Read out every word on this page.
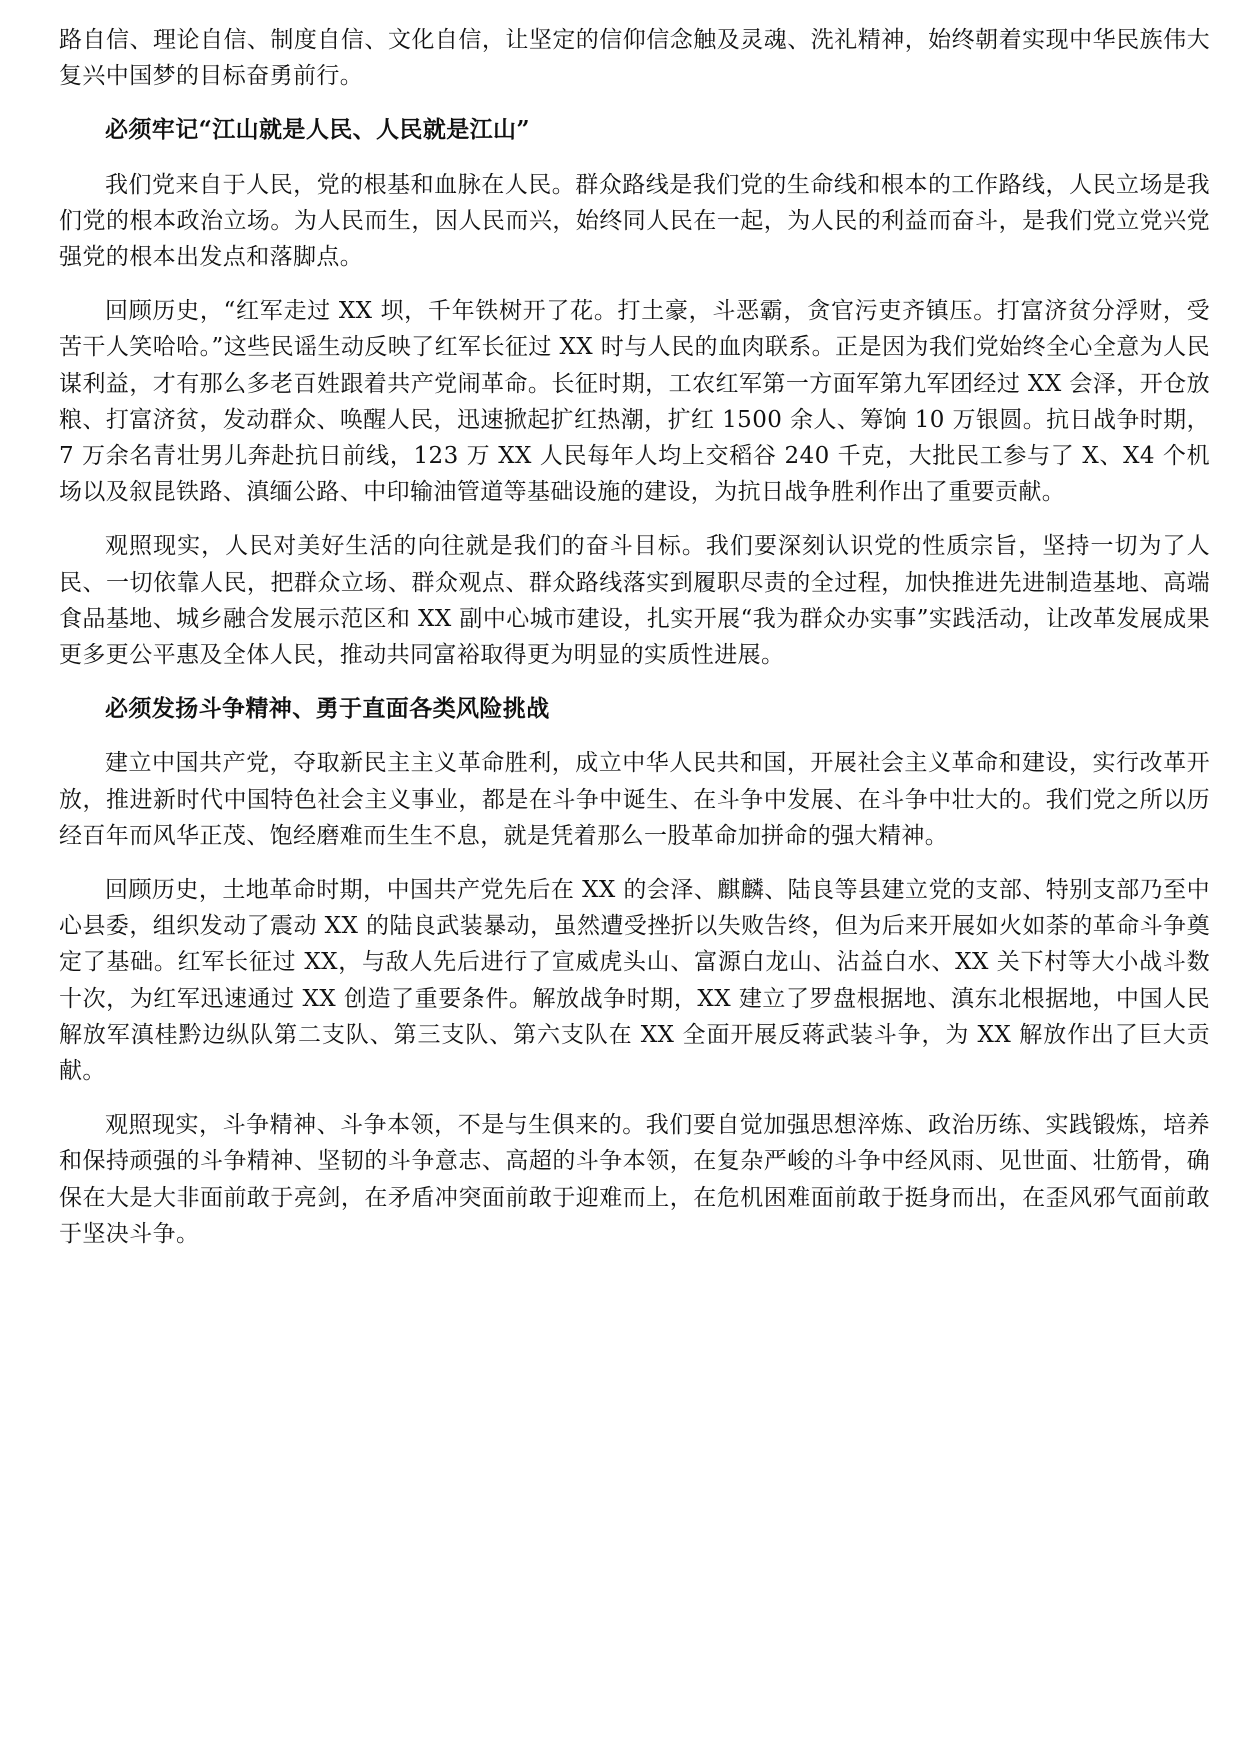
路自信、理论自信、制度自信、文化自信，让坚定的信仰信念触及灵魂、洗礼精神，始终朝着实现中华民族伟大复兴中国梦的目标奋勇前行。

必须牢记“江山就是人民、人民就是江山”

我们党来自于人民，党的根基和血脉在人民。群众路线是我们党的生命线和根本的工作路线，人民立场是我们党的根本政治立场。为人民而生，因人民而兴，始终同人民在一起，为人民的利益而奋斗，是我们党立党兴党强党的根本出发点和落脚点。

回顾历史，“红军走过 XX 坝，千年铁树开了花。打土豪，斗恶霸，贪官污吏齐镇压。打富济贫分浮财，受苦干人笑哈哈。”这些民谣生动反映了红军长征过 XX 时与人民的血肉联系。正是因为我们党始终全心全意为人民谋利益，才有那么多老百姓跟着共产党闹革命。长征时期，工农红军第一方面军第九军团经过 XX 会泽，开仓放粮、打富济贫，发动群众、唤醒人民，迅速掀起扩红热潮，扩红 1500 余人、筹饷 10 万银圆。抗日战争时期，7 万余名青壮男儿奔赴抗日前线，123 万 XX 人民每年人均上交稻谷 240 千克，大批民工参与了 X、X4 个机场以及叙昆铁路、滇缅公路、中印输油管道等基础设施的建设，为抗日战争胜利作出了重要贡献。

观照现实，人民对美好生活的向往就是我们的奋斗目标。我们要深刻认识党的性质宗旨，坚持一切为了人民、一切依靠人民，把群众立场、群众观点、群众路线落实到履职尽责的全过程，加快推进先进制造基地、高端食品基地、城乡融合发展示范区和 XX 副中心城市建设，扎实开展“我为群众办实事”实践活动，让改革发展成果更多更公平惠及全体人民，推动共同富裕取得更为明显的实质性进展。

必须发扬斗争精神、勇于直面各类风险挑战

建立中国共产党，夺取新民主主义革命胜利，成立中华人民共和国，开展社会主义革命和建设，实行改革开放，推进新时代中国特色社会主义事业，都是在斗争中诞生、在斗争中发展、在斗争中壮大的。我们党之所以历经百年而风华正茂、饱经磨难而生生不息，就是凭着那么一股革命加拼命的强大精神。

回顾历史，土地革命时期，中国共产党先后在 XX 的会泽、麒麟、陆良等县建立党的支部、特别支部乃至中心县委，组织发动了震动 XX 的陆良武装暴动，虽然遭受挫折以失败告终，但为后来开展如火如荼的革命斗争奠定了基础。红军长征过 XX，与敌人先后进行了宣威虎头山、富源白龙山、沾益白水、XX 关下村等大小战斗数十次，为红军迅速通过 XX 创造了重要条件。解放战争时期，XX 建立了罗盘根据地、滇东北根据地，中国人民解放军滇桂黔边纵队第二支队、第三支队、第六支队在 XX 全面开展反蒋武装斗争，为 XX 解放作出了巨大贡献。

观照现实，斗争精神、斗争本领，不是与生俱来的。我们要自觉加强思想淬炼、政治历练、实践锻炼，培养和保持顽强的斗争精神、坚韧的斗争意志、高超的斗争本领，在复杂严峻的斗争中经风雨、见世面、壮筋骨，确保在大是大非面前敢于亮剑，在矛盾冲突面前敢于迎难而上，在危机困难面前敢于挺身而出，在歪风邪气面前敢于坚决斗争。
